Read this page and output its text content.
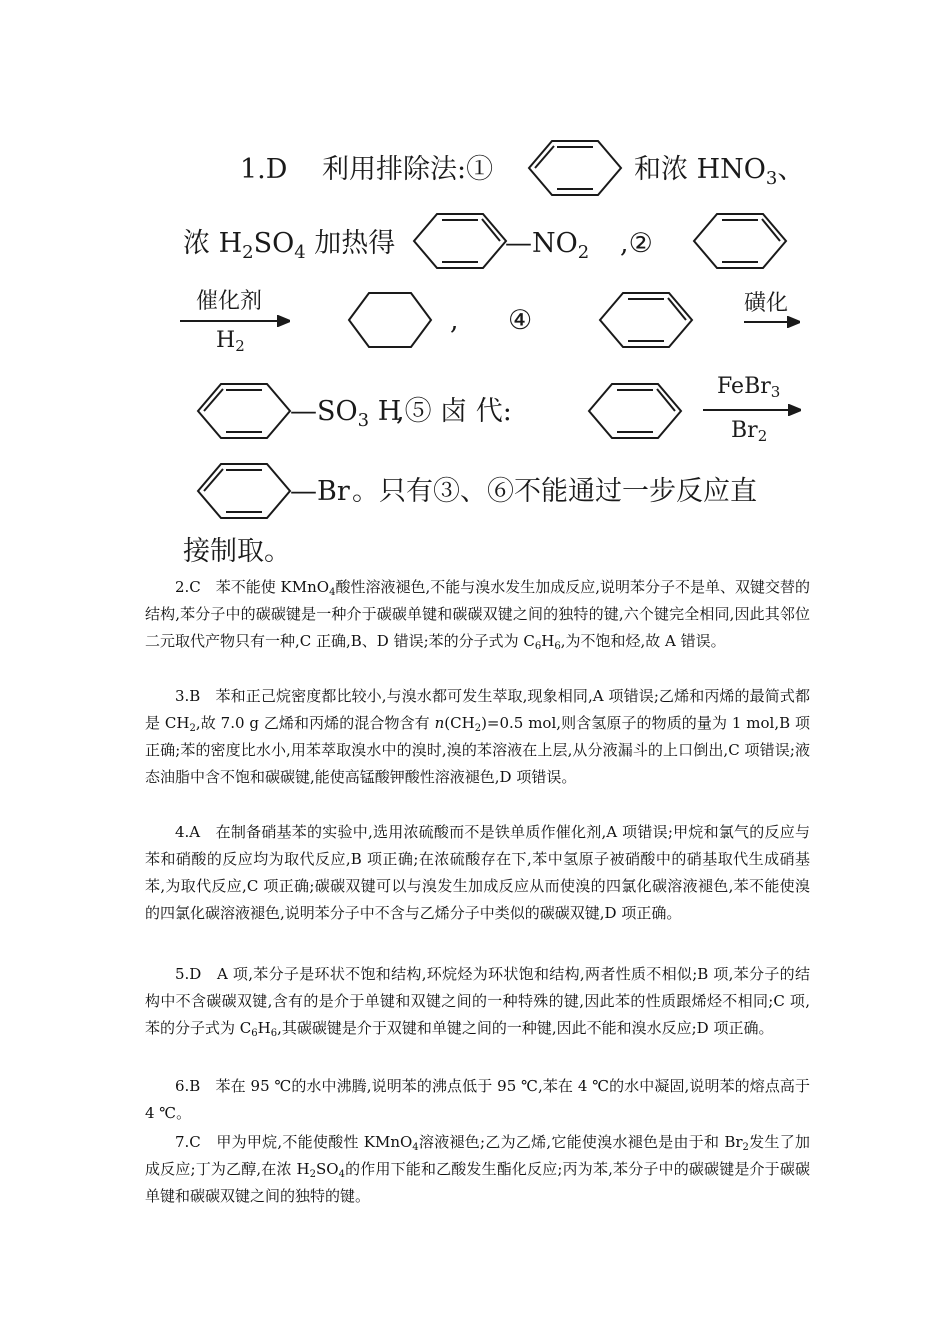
1.D 利用排除法:①	和浓 $HNO_3$、
浓 $H_2SO_4$ 加热得	$—NO_2$ ,②
催化剂
$H_2$
, ④
磺化
$—SO_3$ H
,⑤ 卤 代:
FeBr$_3$
$Br_2$
—Br 。只有③、⑥不能通过一步反应直
接制取。

2.C　苯不能使 KMnO$_4$酸性溶液褪色,不能与溴水发生加成反应,说明苯分子不是单、双键交替的结构,苯分子中的碳碳键是一种介于碳碳单键和碳碳双键之间的独特的键,六个键完全相同,因此其邻位二元取代产物只有一种,C 正确,B、D 错误;苯的分子式为 $C_6H_6$,为不饱和烃,故 A 错误。

3.B　苯和正己烷密度都比较小,与溴水都可发生萃取,现象相同,A 项错误;乙烯和丙烯的最简式都是 $CH_2$,故 7.0 g 乙烯和丙烯的混合物含有 $n(CH_2)=0.5$ mol,则含氢原子的物质的量为 1 mol,B 项正确;苯的密度比水小,用苯萃取溴水中的溴时,溴的苯溶液在上层,从分液漏斗的上口倒出,C 项错误;液态油脂中含不饱和碳碳键,能使高锰酸钾酸性溶液褪色,D 项错误。

4.A　在制备硝基苯的实验中,选用浓硫酸而不是铁单质作催化剂,A 项错误;甲烷和氯气的反应与苯和硝酸的反应均为取代反应,B 项正确;在浓硫酸存在下,苯中氢原子被硝酸中的硝基取代生成硝基苯,为取代反应,C 项正确;碳碳双键可以与溴发生加成反应从而使溴的四氯化碳溶液褪色,苯不能使溴的四氯化碳溶液褪色,说明苯分子中不含与乙烯分子中类似的碳碳双键,D 项正确。

5.D　A 项,苯分子是环状不饱和结构,环烷烃为环状饱和结构,两者性质不相似;B 项,苯分子的结构中不含碳碳双键,含有的是介于单键和双键之间的一种特殊的键,因此苯的性质跟烯烃不相同;C 项,苯的分子式为 $C_6H_6$,其碳碳键是介于双键和单键之间的一种键,因此不能和溴水反应;D 项正确。

6.B　苯在 95 ℃的水中沸腾,说明苯的沸点低于 95 ℃,苯在 4 ℃的水中凝固,说明苯的熔点高于 4 ℃。

7.C　甲为甲烷,不能使酸性 KMnO$_4$溶液褪色;乙为乙烯,它能使溴水褪色是由于和 $Br_2$发生了加成反应;丁为乙醇,在浓 $H_2SO_4$的作用下能和乙酸发生酯化反应;丙为苯,苯分子中的碳碳键是介于碳碳单键和碳碳双键之间的独特的键。
